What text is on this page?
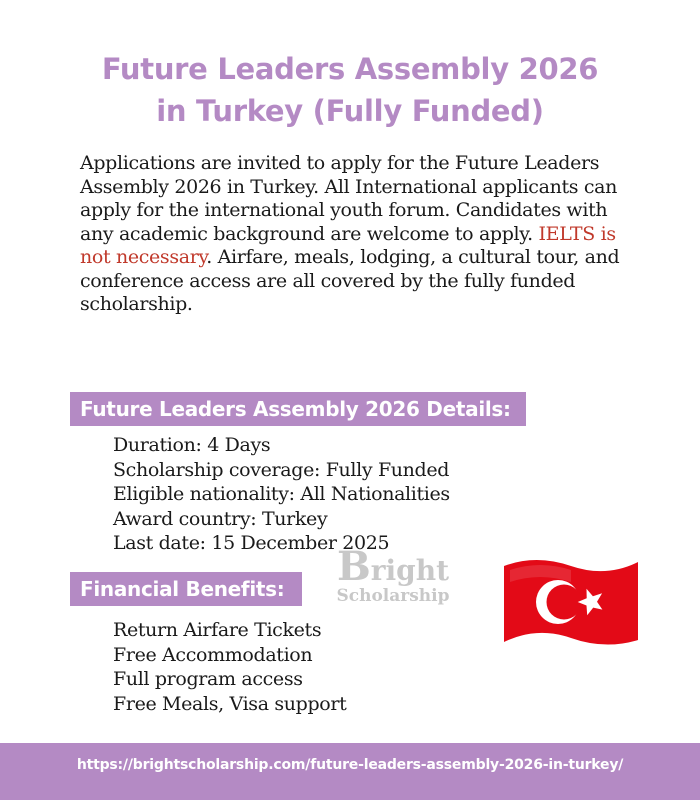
Future Leaders Assembly 2026
in Turkey (Fully Funded)
Applications are invited to apply for the Future Leaders Assembly 2026 in Turkey. All International applicants can apply for the international youth forum. Candidates with any academic background are welcome to apply. IELTS is not necessary. Airfare, meals, lodging, a cultural tour, and conference access are all covered by the fully funded scholarship.
Future Leaders Assembly 2026 Details:
Duration: 4 Days
Scholarship coverage: Fully Funded
Eligible nationality: All Nationalities
Award country: Turkey
Last date: 15 December 2025
Bright
Scholarship
Financial Benefits:
Return Airfare Tickets
Free Accommodation
Full program access
Free Meals, Visa support
https://brightscholarship.com/future-leaders-assembly-2026-in-turkey/
